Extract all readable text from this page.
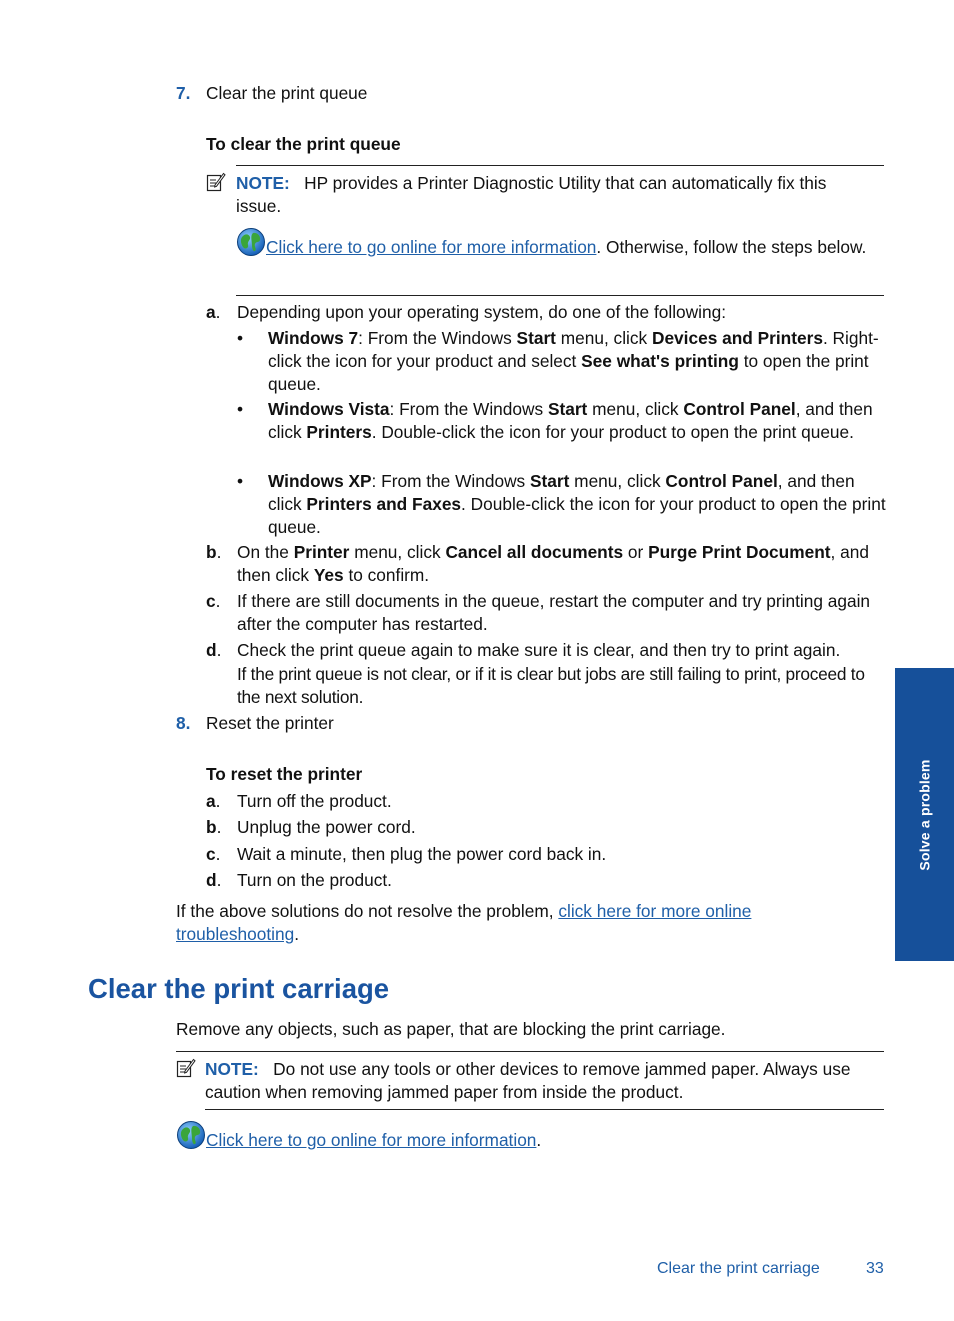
7. Clear the print queue
To clear the print queue
NOTE: HP provides a Printer Diagnostic Utility that can automatically fix this issue.
Click here to go online for more information. Otherwise, follow the steps below.
a. Depending upon your operating system, do one of the following:
• Windows 7: From the Windows Start menu, click Devices and Printers. Right-click the icon for your product and select See what's printing to open the print queue.
• Windows Vista: From the Windows Start menu, click Control Panel, and then click Printers. Double-click the icon for your product to open the print queue.
• Windows XP: From the Windows Start menu, click Control Panel, and then click Printers and Faxes. Double-click the icon for your product to open the print queue.
b. On the Printer menu, click Cancel all documents or Purge Print Document, and then click Yes to confirm.
c. If there are still documents in the queue, restart the computer and try printing again after the computer has restarted.
d. Check the print queue again to make sure it is clear, and then try to print again.
If the print queue is not clear, or if it is clear but jobs are still failing to print, proceed to the next solution.
8. Reset the printer
To reset the printer
a. Turn off the product.
b. Unplug the power cord.
c. Wait a minute, then plug the power cord back in.
d. Turn on the product.
If the above solutions do not resolve the problem, click here for more online troubleshooting.
Clear the print carriage
Remove any objects, such as paper, that are blocking the print carriage.
NOTE: Do not use any tools or other devices to remove jammed paper. Always use caution when removing jammed paper from inside the product.
Click here to go online for more information.
Solve a problem
Clear the print carriage	33
